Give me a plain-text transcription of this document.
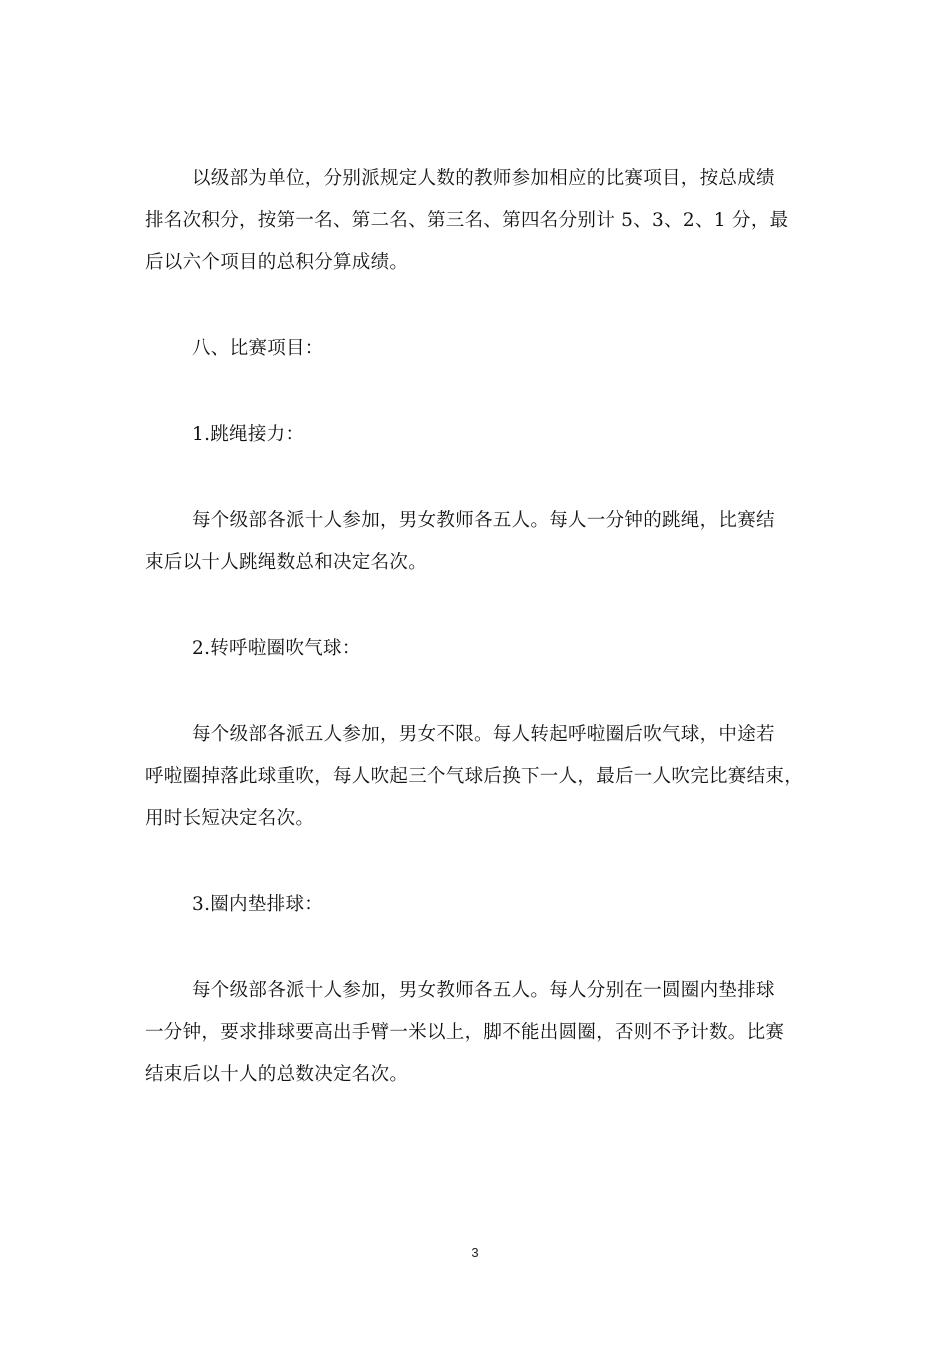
以级部为单位，分别派规定人数的教师参加相应的比赛项目，按总成绩
排名次积分，按第一名、第二名、第三名、第四名分别计 5、3、2、1 分，最
后以六个项目的总积分算成绩。

八、比赛项目：

1.跳绳接力：

每个级部各派十人参加，男女教师各五人。每人一分钟的跳绳，比赛结
束后以十人跳绳数总和决定名次。

2.转呼啦圈吹气球：

每个级部各派五人参加，男女不限。每人转起呼啦圈后吹气球，中途若
呼啦圈掉落此球重吹，每人吹起三个气球后换下一人，最后一人吹完比赛结束，
用时长短决定名次。

3.圈内垫排球：

每个级部各派十人参加，男女教师各五人。每人分别在一圆圈内垫排球
一分钟，要求排球要高出手臂一米以上，脚不能出圆圈，否则不予计数。比赛
结束后以十人的总数决定名次。

3
